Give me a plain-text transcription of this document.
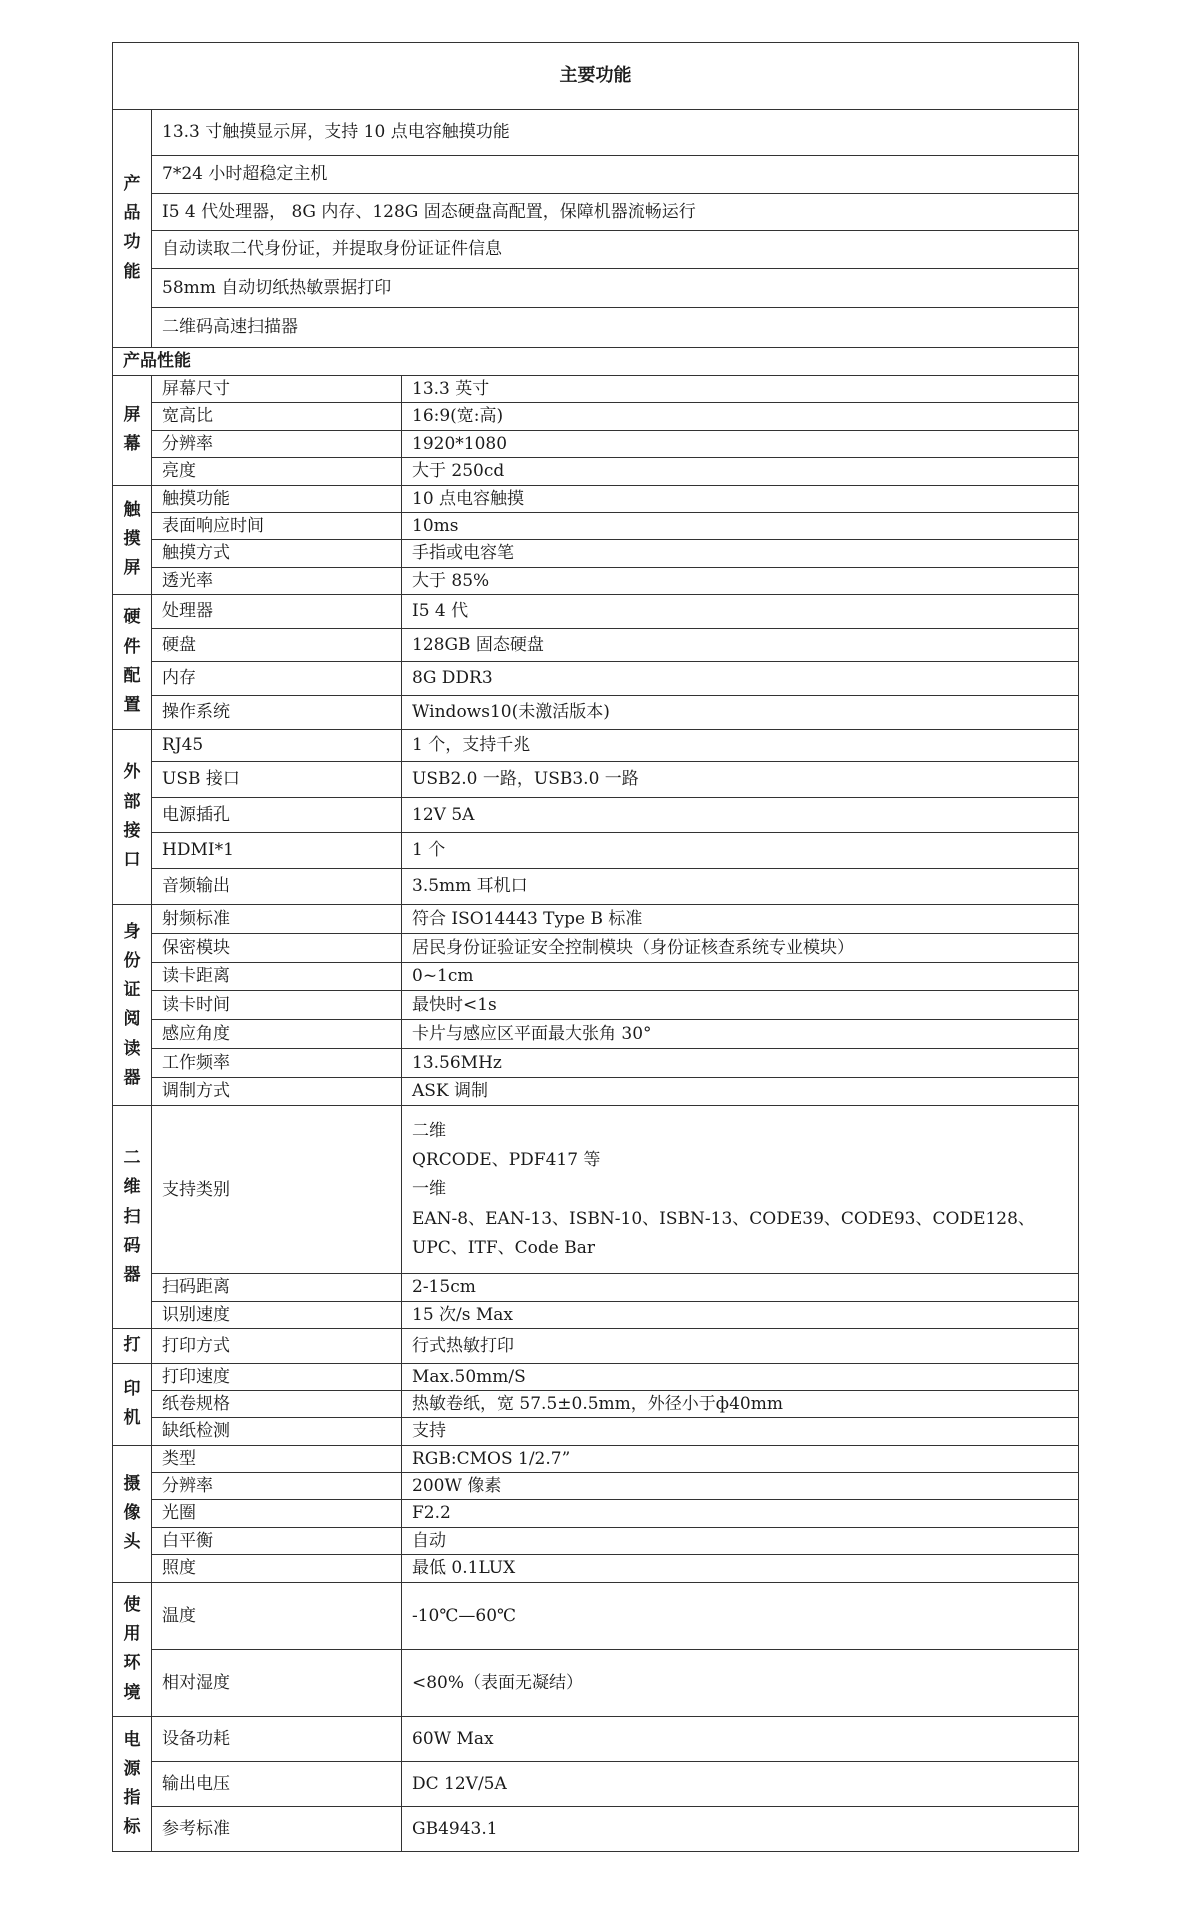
主要功能		

产品功能	13.3 寸触摸显示屏，支持 10 点电容触摸功能	
	7*24 小时超稳定主机	
	I5 4 代处理器， 8G 内存、128G 固态硬盘高配置，保障机器流畅运行	
	自动读取二代身份证，并提取身份证证件信息	
	58mm 自动切纸热敏票据打印	
	二维码高速扫描器	
产品性能		

屏幕	屏幕尺寸	13.3 英寸
	宽高比	16:9(宽:高)
	分辨率	1920*1080
	亮度	大于 250cd

触摸屏	触摸功能	10 点电容触摸
	表面响应时间	10ms
	触摸方式	手指或电容笔
	透光率	大于 85%

硬件配置	处理器	I5 4 代
	硬盘	128GB 固态硬盘
	内存	8G DDR3
	操作系统	Windows10(未激活版本)

外部接口	RJ45	1 个，支持千兆
	USB 接口	USB2.0 一路，USB3.0 一路
	电源插孔	12V 5A
	HDMI*1	1 个
	音频输出	3.5mm 耳机口

身份证阅读器	射频标准	符合 ISO14443 Type B 标准
	保密模块	居民身份证验证安全控制模块（身份证核查系统专业模块）
	读卡距离	0~1cm
	读卡时间	最快时<1s
	感应角度	卡片与感应区平面最大张角 30°
	工作频率	13.56MHz
	调制方式	ASK 调制

二维扫码器	支持类别	二维
QRCODE、PDF417 等
一维
EAN-8、EAN-13、ISBN-10、ISBN-13、CODE39、CODE93、CODE128、
UPC、ITF、Code Bar

	扫码距离	2-15cm
	识别速度	15 次/s Max

打	打印方式	行式热敏打印

印机	打印速度	Max.50mm/S
	纸卷规格	热敏卷纸，宽 57.5±0.5mm，外径小于ф40mm
	缺纸检测	支持

摄像头	类型	RGB:CMOS 1/2.7”
	分辨率	200W 像素
	光圈	F2.2
	白平衡	自动
	照度	最低 0.1LUX

使用环境	温度	-10℃—60℃
	相对湿度	<80%（表面无凝结）

电源指标	设备功耗	60W Max
	输出电压	DC 12V/5A
	参考标准	GB4943.1
